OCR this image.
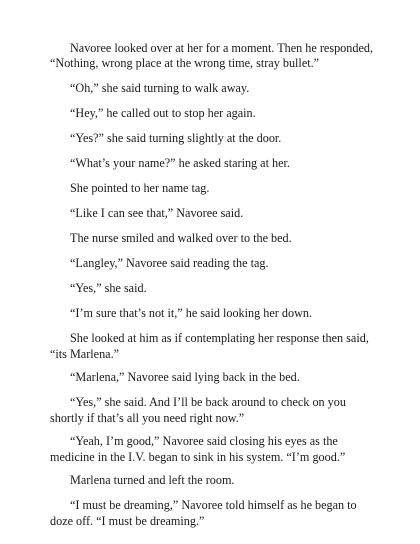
Navoree looked over at her for a moment. Then he responded, “Nothing, wrong place at the wrong time, stray bullet.”

“Oh,” she said turning to walk away.

“Hey,” he called out to stop her again.

“Yes?” she said turning slightly at the door.

“What’s your name?” he asked staring at her.

She pointed to her name tag.

“Like I can see that,” Navoree said.

The nurse smiled and walked over to the bed.

“Langley,” Navoree said reading the tag.

“Yes,” she said.

“I’m sure that’s not it,” he said looking her down.

She looked at him as if contemplating her response then said, “its Marlena.”

“Marlena,” Navoree said lying back in the bed.

“Yes,” she said. And I’ll be back around to check on you shortly if that’s all you need right now.”

“Yeah, I’m good,” Navoree said closing his eyes as the medicine in the I.V. began to sink in his system. “I’m good.”

Marlena turned and left the room.

“I must be dreaming,” Navoree told himself as he began to doze off. “I must be dreaming.”
